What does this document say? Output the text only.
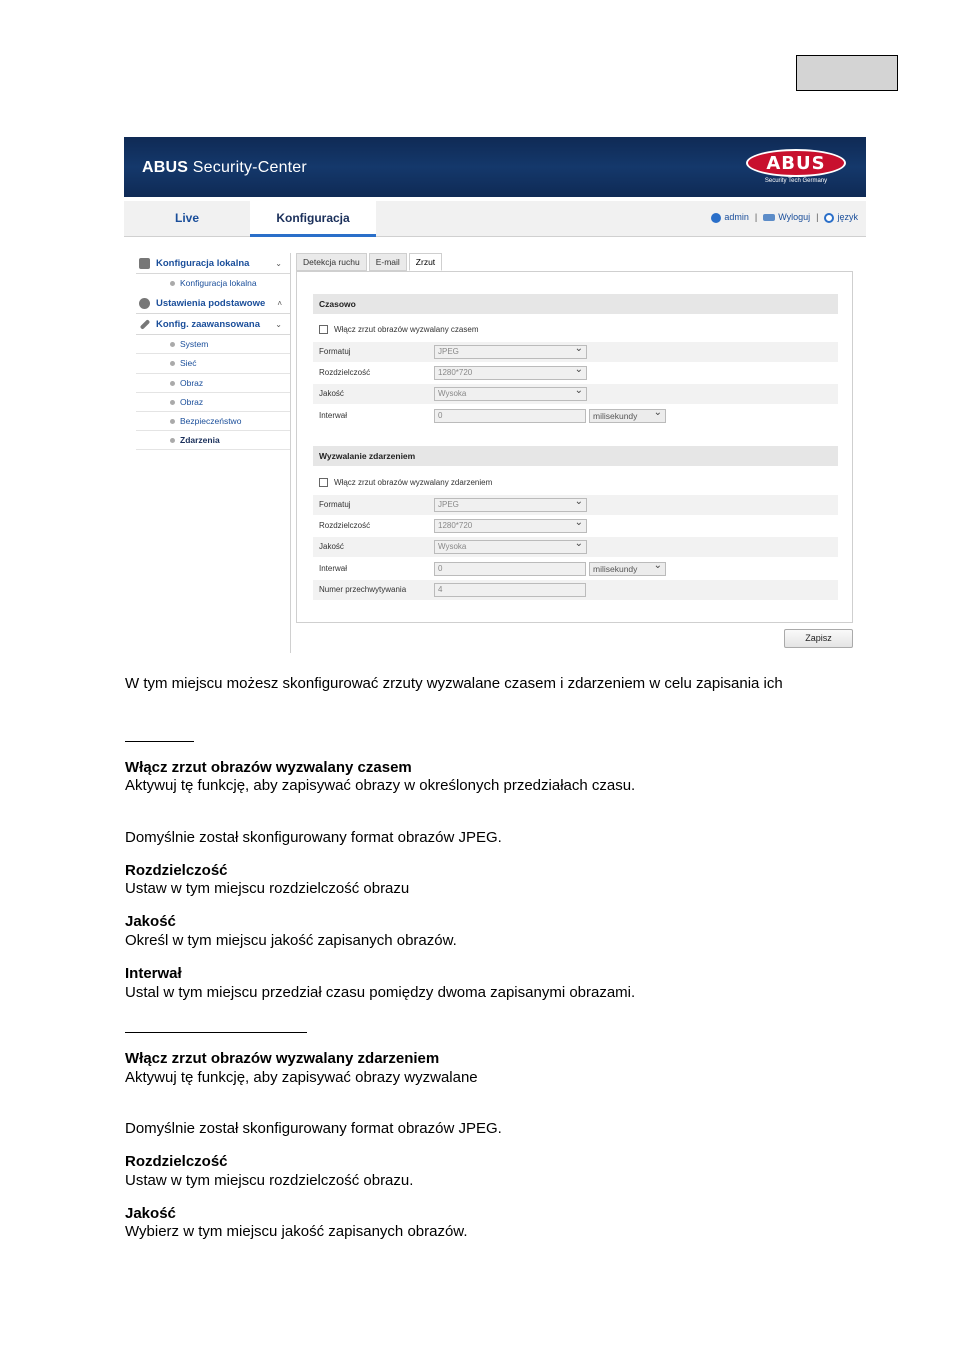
ABUS Security-Center	ABUS
Security Tech Germany
Live	Konfiguracja	admin |	Wyloguj |	język
Konfiguracja lokalna	⌄
Konfiguracja lokalna
Ustawienia podstawowe ˄
Konfig. zaawansowana ⌄
System
Sieć
Obraz
Obraz
Bezpieczeństwo
Zdarzenia
Detekcja ruchu	E-mail	Zrzut
Czasowo
Włącz zrzut obrazów wyzwalany czasem
Formatuj	JPEG ⌄
Rozdzielczość	1280*720 ⌄
Jakość	Wysoka ⌄
Interwał	0	milisekundy ⌄
Wyzwalanie zdarzeniem
Włącz zrzut obrazów wyzwalany zdarzeniem
Formatuj	JPEG ⌄
Rozdzielczość	1280*720 ⌄
Jakość	Wysoka ⌄
Interwał	0	milisekundy ⌄
Numer przechwytywania	4
Zapisz
W tym miejscu możesz skonfigurować zrzuty wyzwalane czasem i zdarzeniem w celu zapisania ich
Włącz zrzut obrazów wyzwalany czasem
Aktywuj tę funkcję, aby zapisywać obrazy w określonych przedziałach czasu.
Domyślnie został skonfigurowany format obrazów JPEG.
Rozdzielczość
Ustaw w tym miejscu rozdzielczość obrazu
Jakość
Określ w tym miejscu jakość zapisanych obrazów.
Interwał
Ustal w tym miejscu przedział czasu pomiędzy dwoma zapisanymi obrazami.
Włącz zrzut obrazów wyzwalany zdarzeniem
Aktywuj tę funkcję, aby zapisywać obrazy wyzwalane
Domyślnie został skonfigurowany format obrazów JPEG.
Rozdzielczość
Ustaw w tym miejscu rozdzielczość obrazu.
Jakość
Wybierz w tym miejscu jakość zapisanych obrazów.
